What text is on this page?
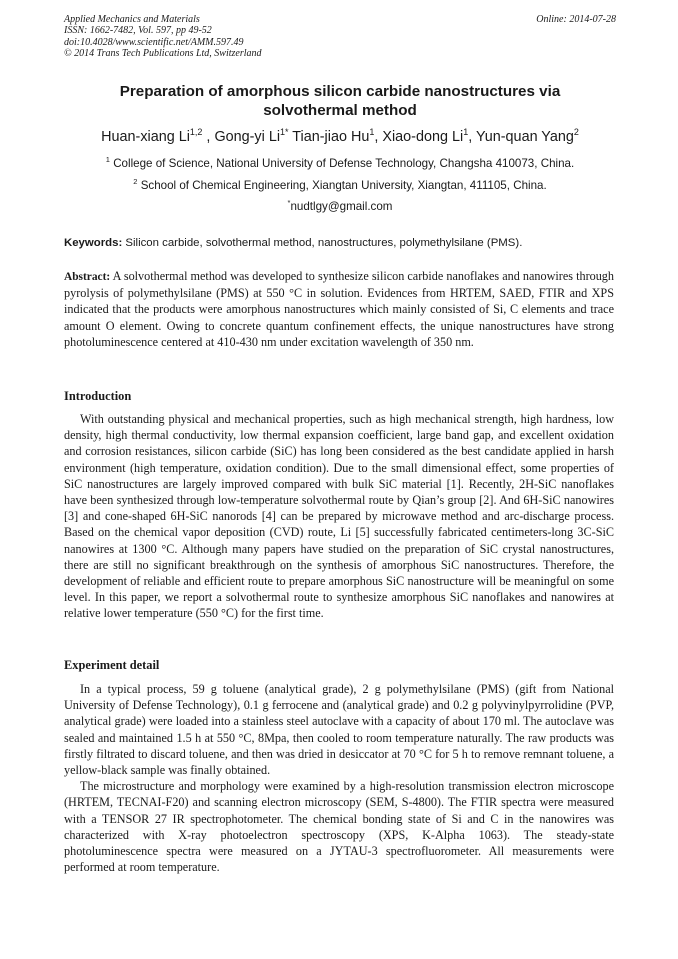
Applied Mechanics and Materials
ISSN: 1662-7482, Vol. 597, pp 49-52
doi:10.4028/www.scientific.net/AMM.597.49
© 2014 Trans Tech Publications Ltd, Switzerland
Online: 2014-07-28
Preparation of amorphous silicon carbide nanostructures via
solvothermal method
Huan-xiang Li$^{1,2}$ , Gong-yi $Li^{1*}$ Tian-jiao Hu$^1$, Xiao-dong Li$^1$, Yun-quan Yang$^2$
$^1$ College of Science, National University of Defense Technology, Changsha 410073, China.
$^2$ School of Chemical Engineering, Xiangtan University, Xiangtan, 411105, China.
*nudtlgy@gmail.com
Keywords: Silicon carbide, solvothermal method, nanostructures, polymethylsilane (PMS).

Abstract: A solvothermal method was developed to synthesize silicon carbide nanoflakes and nanowires through pyrolysis of polymethylsilane (PMS) at 550 °C in solution. Evidences from HRTEM, SAED, FTIR and XPS indicated that the products were amorphous nanostructures which mainly consisted of Si, C elements and trace amount O element. Owing to concrete quantum confinement effects, the unique nanostructures have strong photoluminescence centered at 410-430 nm under excitation wavelength of 350 nm.

Introduction

With outstanding physical and mechanical properties, such as high mechanical strength, high hardness, low density, high thermal conductivity, low thermal expansion coefficient, large band gap, and excellent oxidation and corrosion resistances, silicon carbide (SiC) has long been considered as the best candidate applied in harsh environment (high temperature, oxidation condition). Due to the small dimensional effect, some properties of SiC nanostructures are largely improved compared with bulk SiC material [1]. Recently, 2H-SiC nanoflakes have been synthesized through low-temperature solvothermal route by Qian’s group [2]. And 6H-SiC nanowires [3] and cone-shaped 6H-SiC nanorods [4] can be prepared by microwave method and arc-discharge process. Based on the chemical vapor deposition (CVD) route, Li [5] successfully fabricated centimeters-long 3C-SiC nanowires at 1300 °C. Although many papers have studied on the preparation of SiC crystal nanostructures, there are still no significant breakthrough on the synthesis of amorphous SiC nanostructures. Therefore, the development of reliable and efficient route to prepare amorphous SiC nanostructure will be meaningful on some level. In this paper, we report a solvothermal route to synthesize amorphous SiC nanoflakes and nanowires at relative lower temperature (550 °C) for the first time.

Experiment detail

In a typical process, 59 g toluene (analytical grade), 2 g polymethylsilane (PMS) (gift from National University of Defense Technology), 0.1 g ferrocene and (analytical grade) and 0.2 g polyvinylpyrrolidine (PVP, analytical grade) were loaded into a stainless steel autoclave with a capacity of about 170 ml. The autoclave was sealed and maintained 1.5 h at 550 °C, 8Mpa, then cooled to room temperature naturally. The raw products was firstly filtrated to discard toluene, and then was dried in desiccator at 70 °C for 5 h to remove remnant toluene, a yellow-black sample was finally obtained.

The microstructure and morphology were examined by a high-resolution transmission electron microscope (HRTEM, TECNAI-F20) and scanning electron microscopy (SEM, S-4800). The FTIR spectra were measured with a TENSOR 27 IR spectrophotometer. The chemical bonding state of Si and C in the nanowires was characterized with X-ray photoelectron spectroscopy (XPS, K-Alpha 1063). The steady-state photoluminescence spectra were measured on a JYTAU-3 spectrofluorometer. All measurements were performed at room temperature.
